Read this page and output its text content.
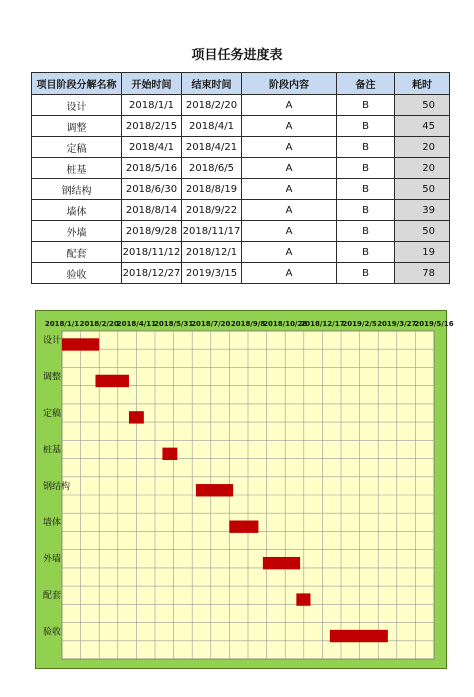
项目任务进度表
项目阶段分解名称	开始时间	结束时间	阶段内容	备注	耗时
设计	2018/1/1	2018/2/20	A	B	50
调整	2018/2/15	2018/4/1	A	B	45
定稿	2018/4/1	2018/4/21	A	B	20
桩基	2018/5/16	2018/6/5	A	B	20
钢结构	2018/6/30	2018/8/19	A	B	50
墙体	2018/8/14	2018/9/22	A	B	39
外墙	2018/9/28	2018/11/17	A	B	50
配套	2018/11/12	2018/12/1	A	B	19
验收	2018/12/27	2019/3/15	A	B	78
2018/1/1 2018/2/20
2018/4/11
2018/5/31
2018/7/20 2018/9/8
2018/10/28
2018/12/17
2019/2/5 2019/3/27
2019/5/16
设计
调整
定稿
桩基
钢结构
墙体
外墙
配套
验收
